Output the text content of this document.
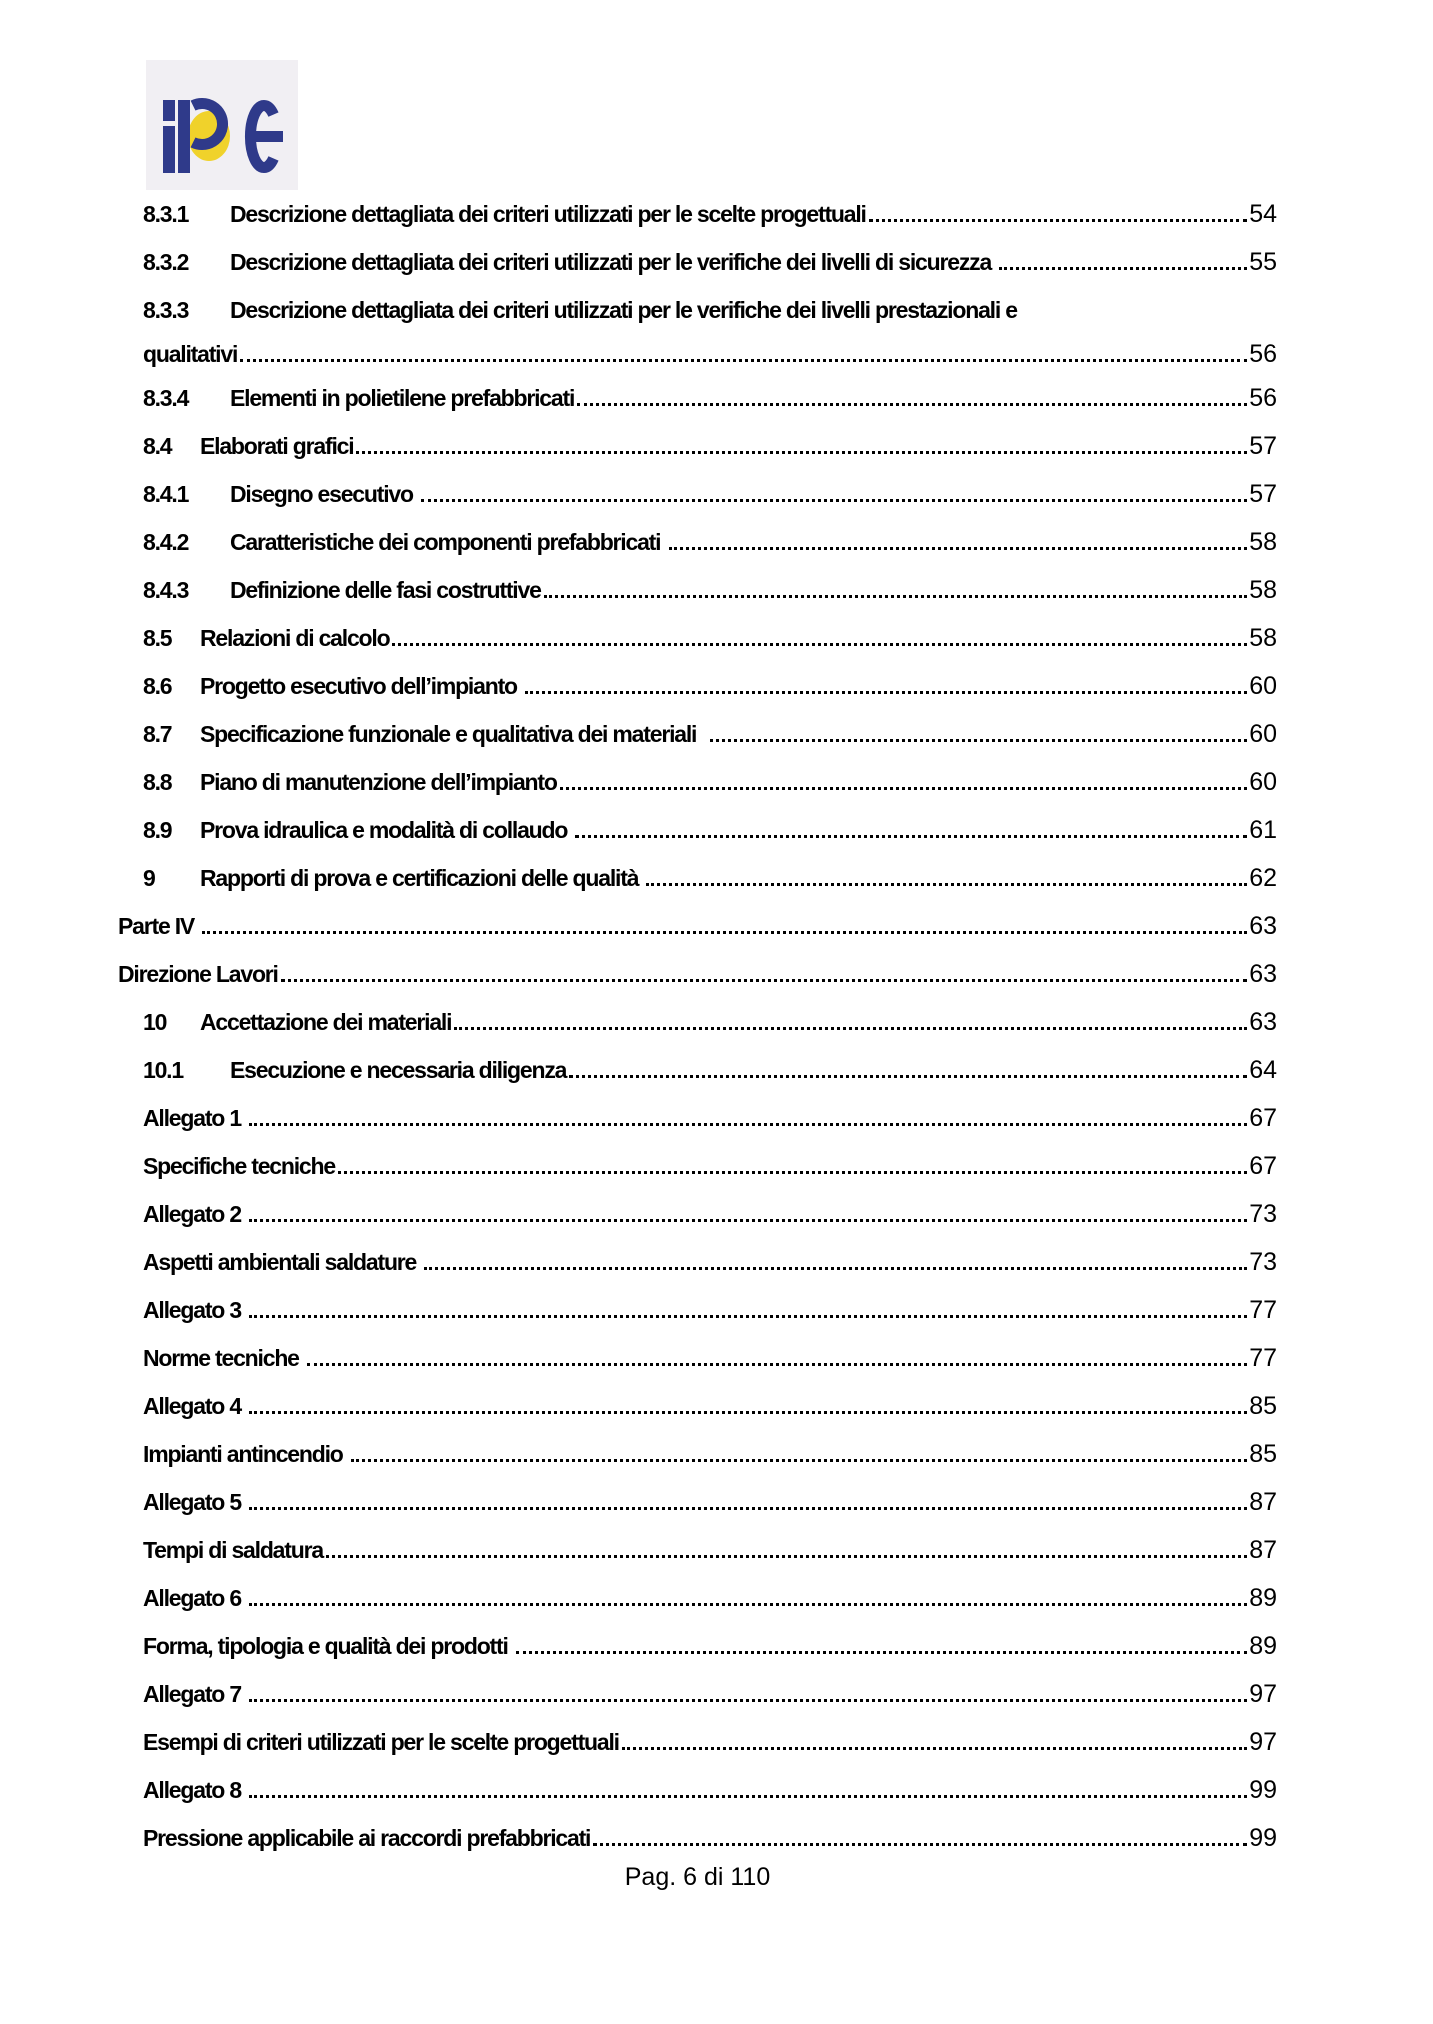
8.3.1	Descrizione dettagliata dei criteri utilizzati per le scelte progettuali	54
8.3.2	Descrizione dettagliata dei criteri utilizzati per le verifiche dei livelli di sicurezza	55
8.3.3	Descrizione dettagliata dei criteri utilizzati per le verifiche dei livelli prestazionali e
qualitativi	56
8.3.4	Elementi in polietilene prefabbricati	56
8.4	Elaborati grafici	57
8.4.1	Disegno esecutivo	57
8.4.2	Caratteristiche dei componenti prefabbricati	58
8.4.3	Definizione delle fasi costruttive	58
8.5	Relazioni di calcolo	58
8.6	Progetto esecutivo dell’impianto	60
8.7	Specificazione funzionale e qualitativa dei materiali	60
8.8	Piano di manutenzione dell’impianto	60
8.9	Prova idraulica e modalità di collaudo	61
9	Rapporti di prova e certificazioni delle qualità	62
Parte IV	63
Direzione Lavori	63
10	Accettazione dei materiali	63
10.1	Esecuzione e necessaria diligenza	64
Allegato 1	67
Specifiche tecniche	67
Allegato 2	73
Aspetti ambientali saldature	73
Allegato 3	77
Norme tecniche	77
Allegato 4	85
Impianti antincendio	85
Allegato 5	87
Tempi di saldatura	87
Allegato 6	89
Forma, tipologia e qualità dei prodotti	89
Allegato 7	97
Esempi di criteri utilizzati per le scelte progettuali	97
Allegato 8	99
Pressione applicabile ai raccordi prefabbricati	99
Pag. 6 di 110
